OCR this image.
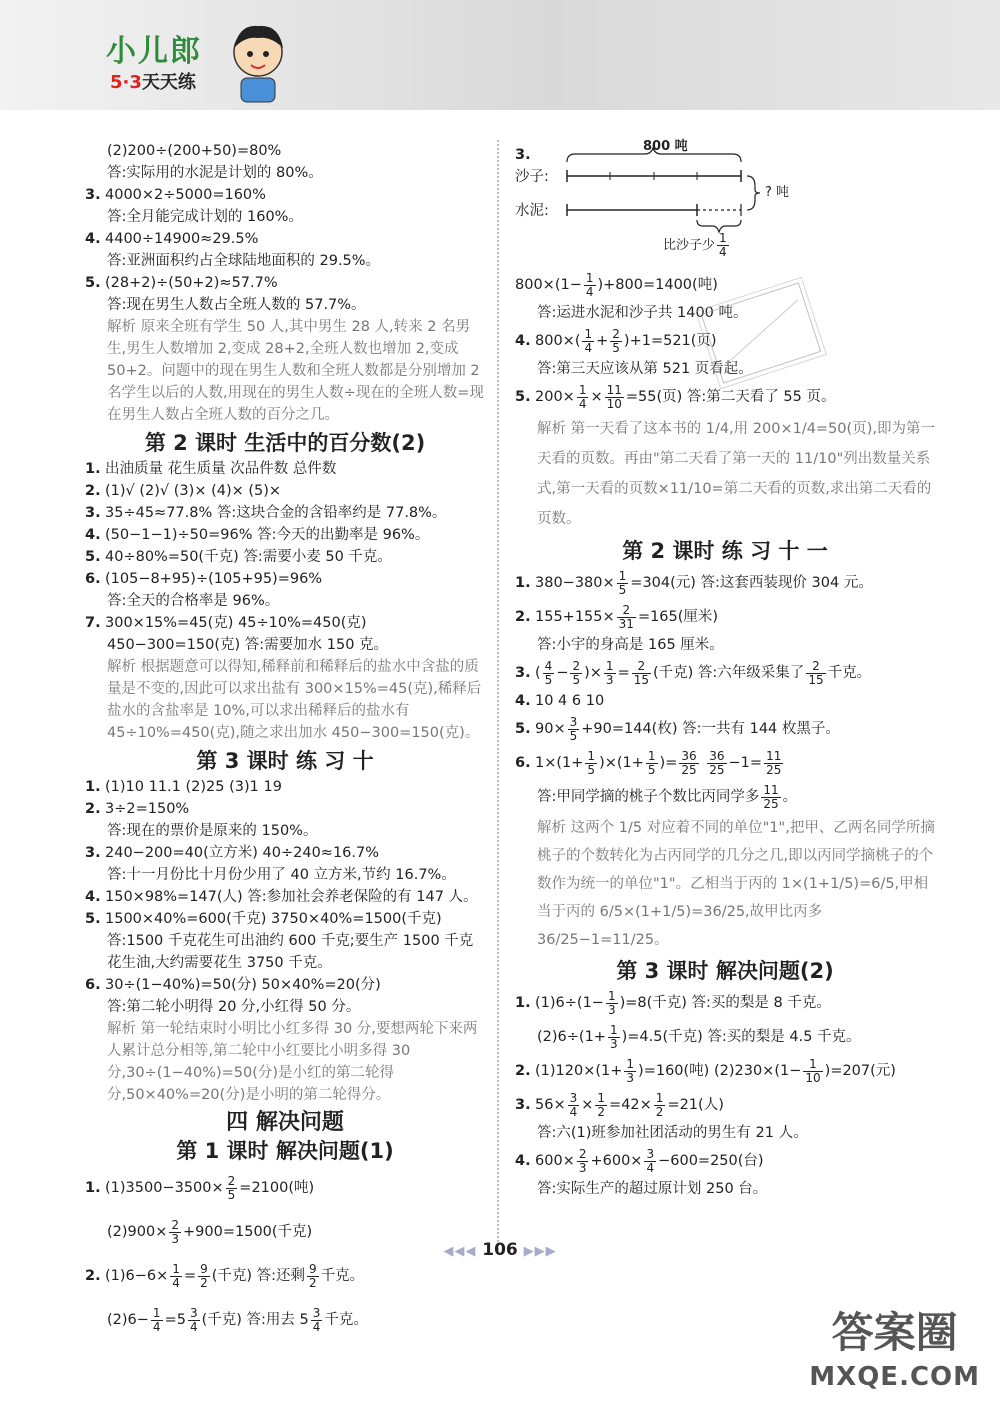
小儿郎
5·3天天练
(2)200÷(200+50)=80%
答:实际用的水泥是计划的 80%。
3. 4000×2÷5000=160%
答:全月能完成计划的 160%。
4. 4400÷14900≈29.5%
答:亚洲面积约占全球陆地面积的 29.5%。
5. (28+2)÷(50+2)≈57.7%
答:现在男生人数占全班人数的 57.7%。
解析 原来全班有学生 50 人,其中男生 28 人,转来 2 名男生,男生人数增加 2,变成 28+2,全班人数也增加 2,变成 50+2。问题中的现在男生人数和全班人数都是分别增加 2 名学生以后的人数,用现在的男生人数÷现在的全班人数=现在男生人数占全班人数的百分之几。
第 2 课时 生活中的百分数(2)
1. 出油质量 花生质量 次品件数 总件数
2. (1)√ (2)√ (3)× (4)× (5)×
3. 35÷45≈77.8% 答:这块合金的含铅率约是 77.8%。
4. (50−1−1)÷50=96% 答:今天的出勤率是 96%。
5. 40÷80%=50(千克) 答:需要小麦 50 千克。
6. (105−8+95)÷(105+95)=96%
答:全天的合格率是 96%。
7. 300×15%=45(克) 45÷10%=450(克)
450−300=150(克) 答:需要加水 150 克。
解析 根据题意可以得知,稀释前和稀释后的盐水中含盐的质量是不变的,因此可以求出盐有 300×15%=45(克),稀释后盐水的含盐率是 10%,可以求出稀释后的盐水有 45÷10%=450(克),随之求出加水 450−300=150(克)。
第 3 课时 练 习 十
1. (1)10 11.1 (2)25 (3)1 19
2. 3÷2=150%
答:现在的票价是原来的 150%。
3. 240−200=40(立方米) 40÷240≈16.7%
答:十一月份比十月份少用了 40 立方米,节约 16.7%。
4. 150×98%=147(人) 答:参加社会养老保险的有 147 人。
5. 1500×40%=600(千克) 3750×40%=1500(千克)
答:1500 千克花生可出油约 600 千克;要生产 1500 千克花生油,大约需要花生 3750 千克。
6. 30÷(1−40%)=50(分) 50×40%=20(分)
答:第二轮小明得 20 分,小红得 50 分。
解析 第一轮结束时小明比小红多得 30 分,要想两轮下来两人累计总分相等,第二轮中小红要比小明多得 30 分,30÷(1−40%)=50(分)是小红的第二轮得分,50×40%=20(分)是小明的第二轮得分。
四 解决问题
第 1 课时 解决问题(1)
1. $(1)3500-3500\times \frac{2}{5} =2100$(吨)
$(2)900\times \frac{2}{3} +900=1500$(千克)
2. $(1)6-6\times \frac{1}{4} = \frac{9}{2}$ (千克) 答:还剩 $\frac{9}{2}$ 千克。
$(2)6- \frac{1}{4} =5 \frac{3}{4}$ (千克) 答:用去 $5 \frac{3}{4}$ 千克。
3.
800 吨
沙子:
水泥:
? 吨
比沙子少 $\frac{1}{4}$
$800\times(1- \frac{1}{4} )+800=1400$(吨)
答:运进水泥和沙子共 1400 吨。
4. $800\times( \frac{1}{4} + \frac{2}{5} )+1=521$(页)
答:第三天应该从第 521 页看起。
5. $200\times \frac{1}{4} \times \frac{11}{10} =55$(页) 答:第二天看了 55 页。
解析 第一天看了这本书的 1/4,用 200×1/4=50(页),即为第一天看的页数。再由"第二天看了第一天的 11/10"列出数量关系式,第一天看的页数×11/10=第二天看的页数,求出第二天看的页数。
第 2 课时 练 习 十 一
1. $380-380\times \frac{1}{5} =304$(元) 答:这套西装现价 304 元。
2. $155+155\times \frac{2}{31} =165$(厘米)
答:小宇的身高是 165 厘米。
3. ( $\frac{4}{5} - \frac{2}{5}$ )× $\frac{1}{3} = \frac{2}{15}$ (千克) 答:六年级采集了 $\frac{2}{15}$ 千克。
4. 10 4 6 10
5. $90\times \frac{3}{5} +90=144$(枚) 答:一共有 144 枚黑子。
6. $1\times(1+ \frac{1}{5} )\times(1+ \frac{1}{5}$ )= $\frac{36}{25}$
$\frac{36}{25} -1= \frac{11}{25}$
答:甲同学摘的桃子个数比丙同学多 $\frac{11}{25}$ 。
解析 这两个 1/5 对应着不同的单位"1",把甲、乙两名同学所摘桃子的个数转化为占丙同学的几分之几,即以丙同学摘桃子的个数作为统一的单位"1"。乙相当于丙的 1×(1+1/5)=6/5,甲相当于丙的 6/5×(1+1/5)=36/25,故甲比丙多 36/25−1=11/25。
第 3 课时 解决问题(2)
1. $(1)6\div(1- \frac{1}{3} )=8$(千克) 答:买的梨是 8 千克。
$(2)6\div(1+ \frac{1}{3} )=4.5$(千克) 答:买的梨是 4.5 千克。
2. $(1)120\times(1+ \frac{1}{3} )=160$(吨) $(2)230\times(1- \frac{1}{10} )=207$(元)
3. $56\times \frac{3}{4} \times \frac{1}{2} =42\times \frac{1}{2} =21$(人)
答:六(1)班参加社团活动的男生有 21 人。
4. $600\times \frac{2}{3} +600\times \frac{3}{4} -600=250$(台)
答:实际生产的超过原计划 250 台。
◀◀◀ 106 ▶▶▶
答案圈
MXQE.COM
